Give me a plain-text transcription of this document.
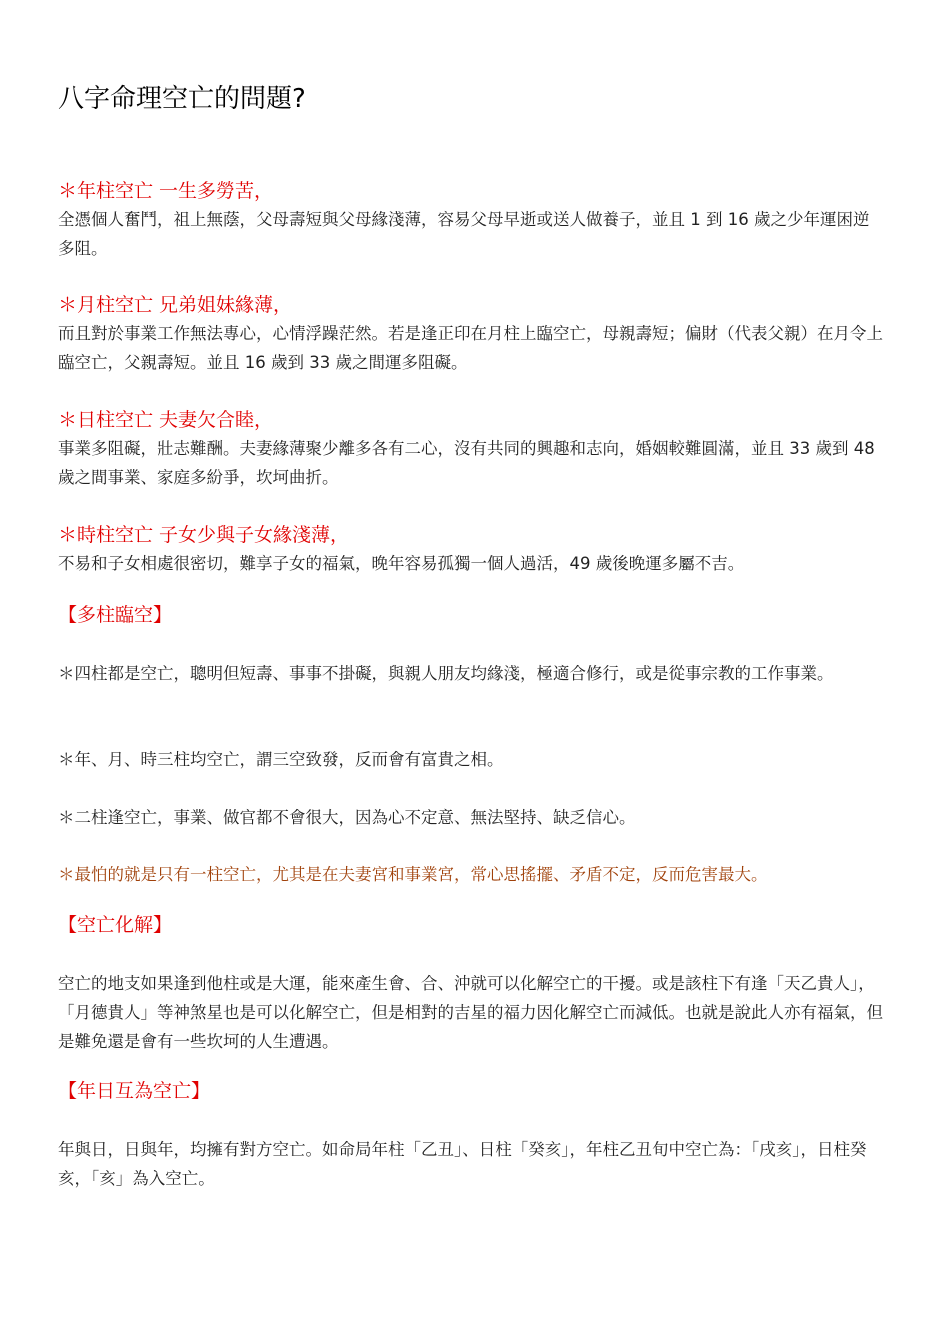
八字命理空亡的問題?
＊年柱空亡 一生多勞苦，

全憑個人奮鬥，祖上無蔭，父母壽短與父母緣淺薄，容易父母早逝或送人做養子，並且 1 到 16 歲之少年運困逆多阻。

＊月柱空亡 兄弟姐妹緣薄，

而且對於事業工作無法專心，心情浮躁茫然。若是逢正印在月柱上臨空亡，母親壽短；偏財（代表父親）在月令上臨空亡，父親壽短。並且 16 歲到 33 歲之間運多阻礙。

＊日柱空亡 夫妻欠合睦，

事業多阻礙，壯志難酬。夫妻緣薄聚少離多各有二心，沒有共同的興趣和志向，婚姻較難圓滿，並且 33 歲到 48 歲之間事業、家庭多紛爭，坎坷曲折。

＊時柱空亡 子女少與子女緣淺薄，

不易和子女相處很密切，難享子女的福氣，晚年容易孤獨一個人過活，49 歲後晚運多屬不吉。

【多柱臨空】

＊四柱都是空亡，聰明但短壽、事事不掛礙，與親人朋友均緣淺，極適合修行，或是從事宗教的工作事業。

＊年、月、時三柱均空亡，謂三空致發，反而會有富貴之相。

＊二柱逢空亡，事業、做官都不會很大，因為心不定意、無法堅持、缺乏信心。

＊最怕的就是只有一柱空亡，尤其是在夫妻宮和事業宮，常心思搖擺、矛盾不定，反而危害最大。

【空亡化解】

空亡的地支如果逢到他柱或是大運，能來產生會、合、沖就可以化解空亡的干擾。或是該柱下有逢「天乙貴人」，「月德貴人」等神煞星也是可以化解空亡，但是相對的吉星的福力因化解空亡而減低。也就是說此人亦有福氣，但是難免還是會有一些坎坷的人生遭遇。

【年日互為空亡】

年與日，日與年，均擁有對方空亡。如命局年柱「乙丑」、日柱「癸亥」，年柱乙丑旬中空亡為：「戌亥」，日柱癸亥，「亥」為入空亡。
